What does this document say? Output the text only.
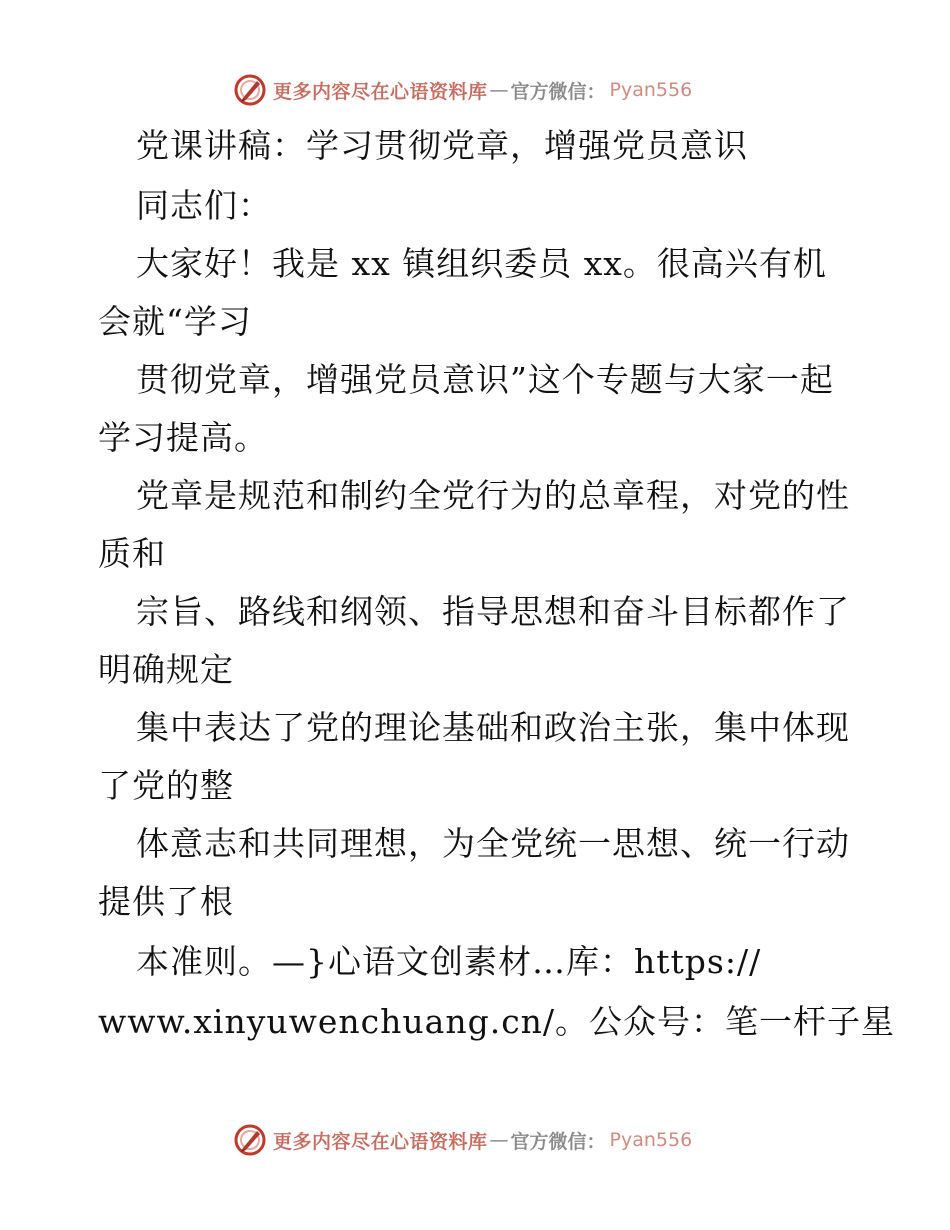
更多内容尽在心语资料库 — 官方微信： Pyan556
党课讲稿：学习贯彻党章，增强党员意识
同志们：
大家好！我是 xx 镇组织委员 xx。很高兴有机
会就“学习
贯彻党章，增强党员意识”这个专题与大家一起
学习提高。
党章是规范和制约全党行为的总章程，对党的性
质和
宗旨、路线和纲领、指导思想和奋斗目标都作了
明确规定
集中表达了党的理论基础和政治主张，集中体现
了党的整
体意志和共同理想，为全党统一思想、统一行动
提供了根
本准则。—}心语文创素材…库：https://
www.xinyuwenchuang.cn/。公众号：笔一杆子星
更多内容尽在心语资料库 — 官方微信： Pyan556
